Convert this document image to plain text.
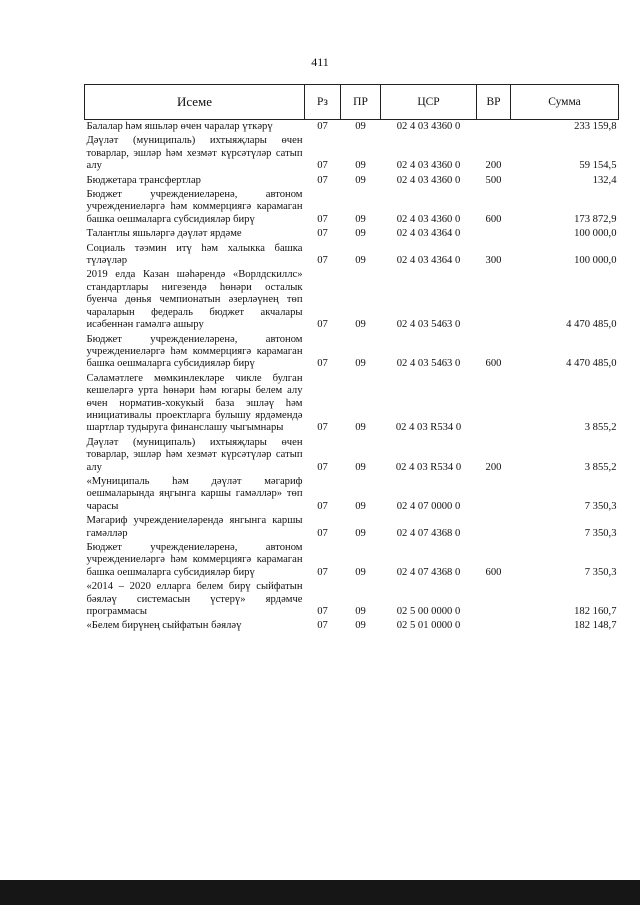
411
Исеме	Рз	ПР	ЦСР	ВР	Сумма
Балалар һәм яшьләр өчен чаралар үткәрү	07	09	02 4 03 4360 0		233 159,8
Дәүләт (муниципаль) ихтыяҗлары өчен товарлар, эшләр һәм хезмәт күрсәтүләр сатып алу	07	09	02 4 03 4360 0	200	59 154,5
Бюджетара трансфертлар	07	09	02 4 03 4360 0	500	132,4
Бюджет учреждениеләренә, автоном учреждениеләргә һәм коммерциягә карамаган башка оешмаларга субсидияләр бирү	07	09	02 4 03 4360 0	600	173 872,9
Талантлы яшьләргә дәүләт ярдәме	07	09	02 4 03 4364 0		100 000,0
Социаль тәэмин итү һәм халыкка башка түләүләр	07	09	02 4 03 4364 0	300	100 000,0
2019 елда Казан шәһәрендә «Ворлдскиллс» стандартлары нигезендә һөнәри осталык буенча дөнья чемпионатын әзерләүнең төп чараларын федераль бюджет акчалары исәбеннән гамәлгә ашыру	07	09	02 4 03 5463 0		4 470 485,0
Бюджет учреждениеләренә, автоном учреждениеләргә һәм коммерциягә карамаган башка оешмаларга субсидияләр бирү	07	09	02 4 03 5463 0	600	4 470 485,0
Сәламәтлеге мөмкинлекләре чикле булган кешеләргә урта һөнәри һәм югары белем алу өчен норматив-хокукый база эшләү һәм инициативалы проектларга булышу ярдәмендә шартлар тудыруга финанслашу чыгымнары	07	09	02 4 03 R534 0		3 855,2
Дәүләт (муниципаль) ихтыяҗлары өчен товарлар, эшләр һәм хезмәт күрсәтүләр сатып алу	07	09	02 4 03 R534 0	200	3 855,2
«Муниципаль һәм дәүләт мәгариф оешмаларында яңгынга каршы гамәлләр» төп чарасы	07	09	02 4 07 0000 0		7 350,3
Мәгариф учреждениеләрендә янгынга каршы гамәлләр	07	09	02 4 07 4368 0		7 350,3
Бюджет учреждениеләренә, автоном учреждениеләргә һәм коммерциягә карамаган башка оешмаларга субсидияләр бирү	07	09	02 4 07 4368 0	600	7 350,3
«2014 – 2020 елларга белем бирү сыйфатын бәяләү системасын үстерү» ярдәмче программасы	07	09	02 5 00 0000 0		182 160,7
«Белем бирүнең сыйфатын бәяләү	07	09	02 5 01 0000 0		182 148,7
